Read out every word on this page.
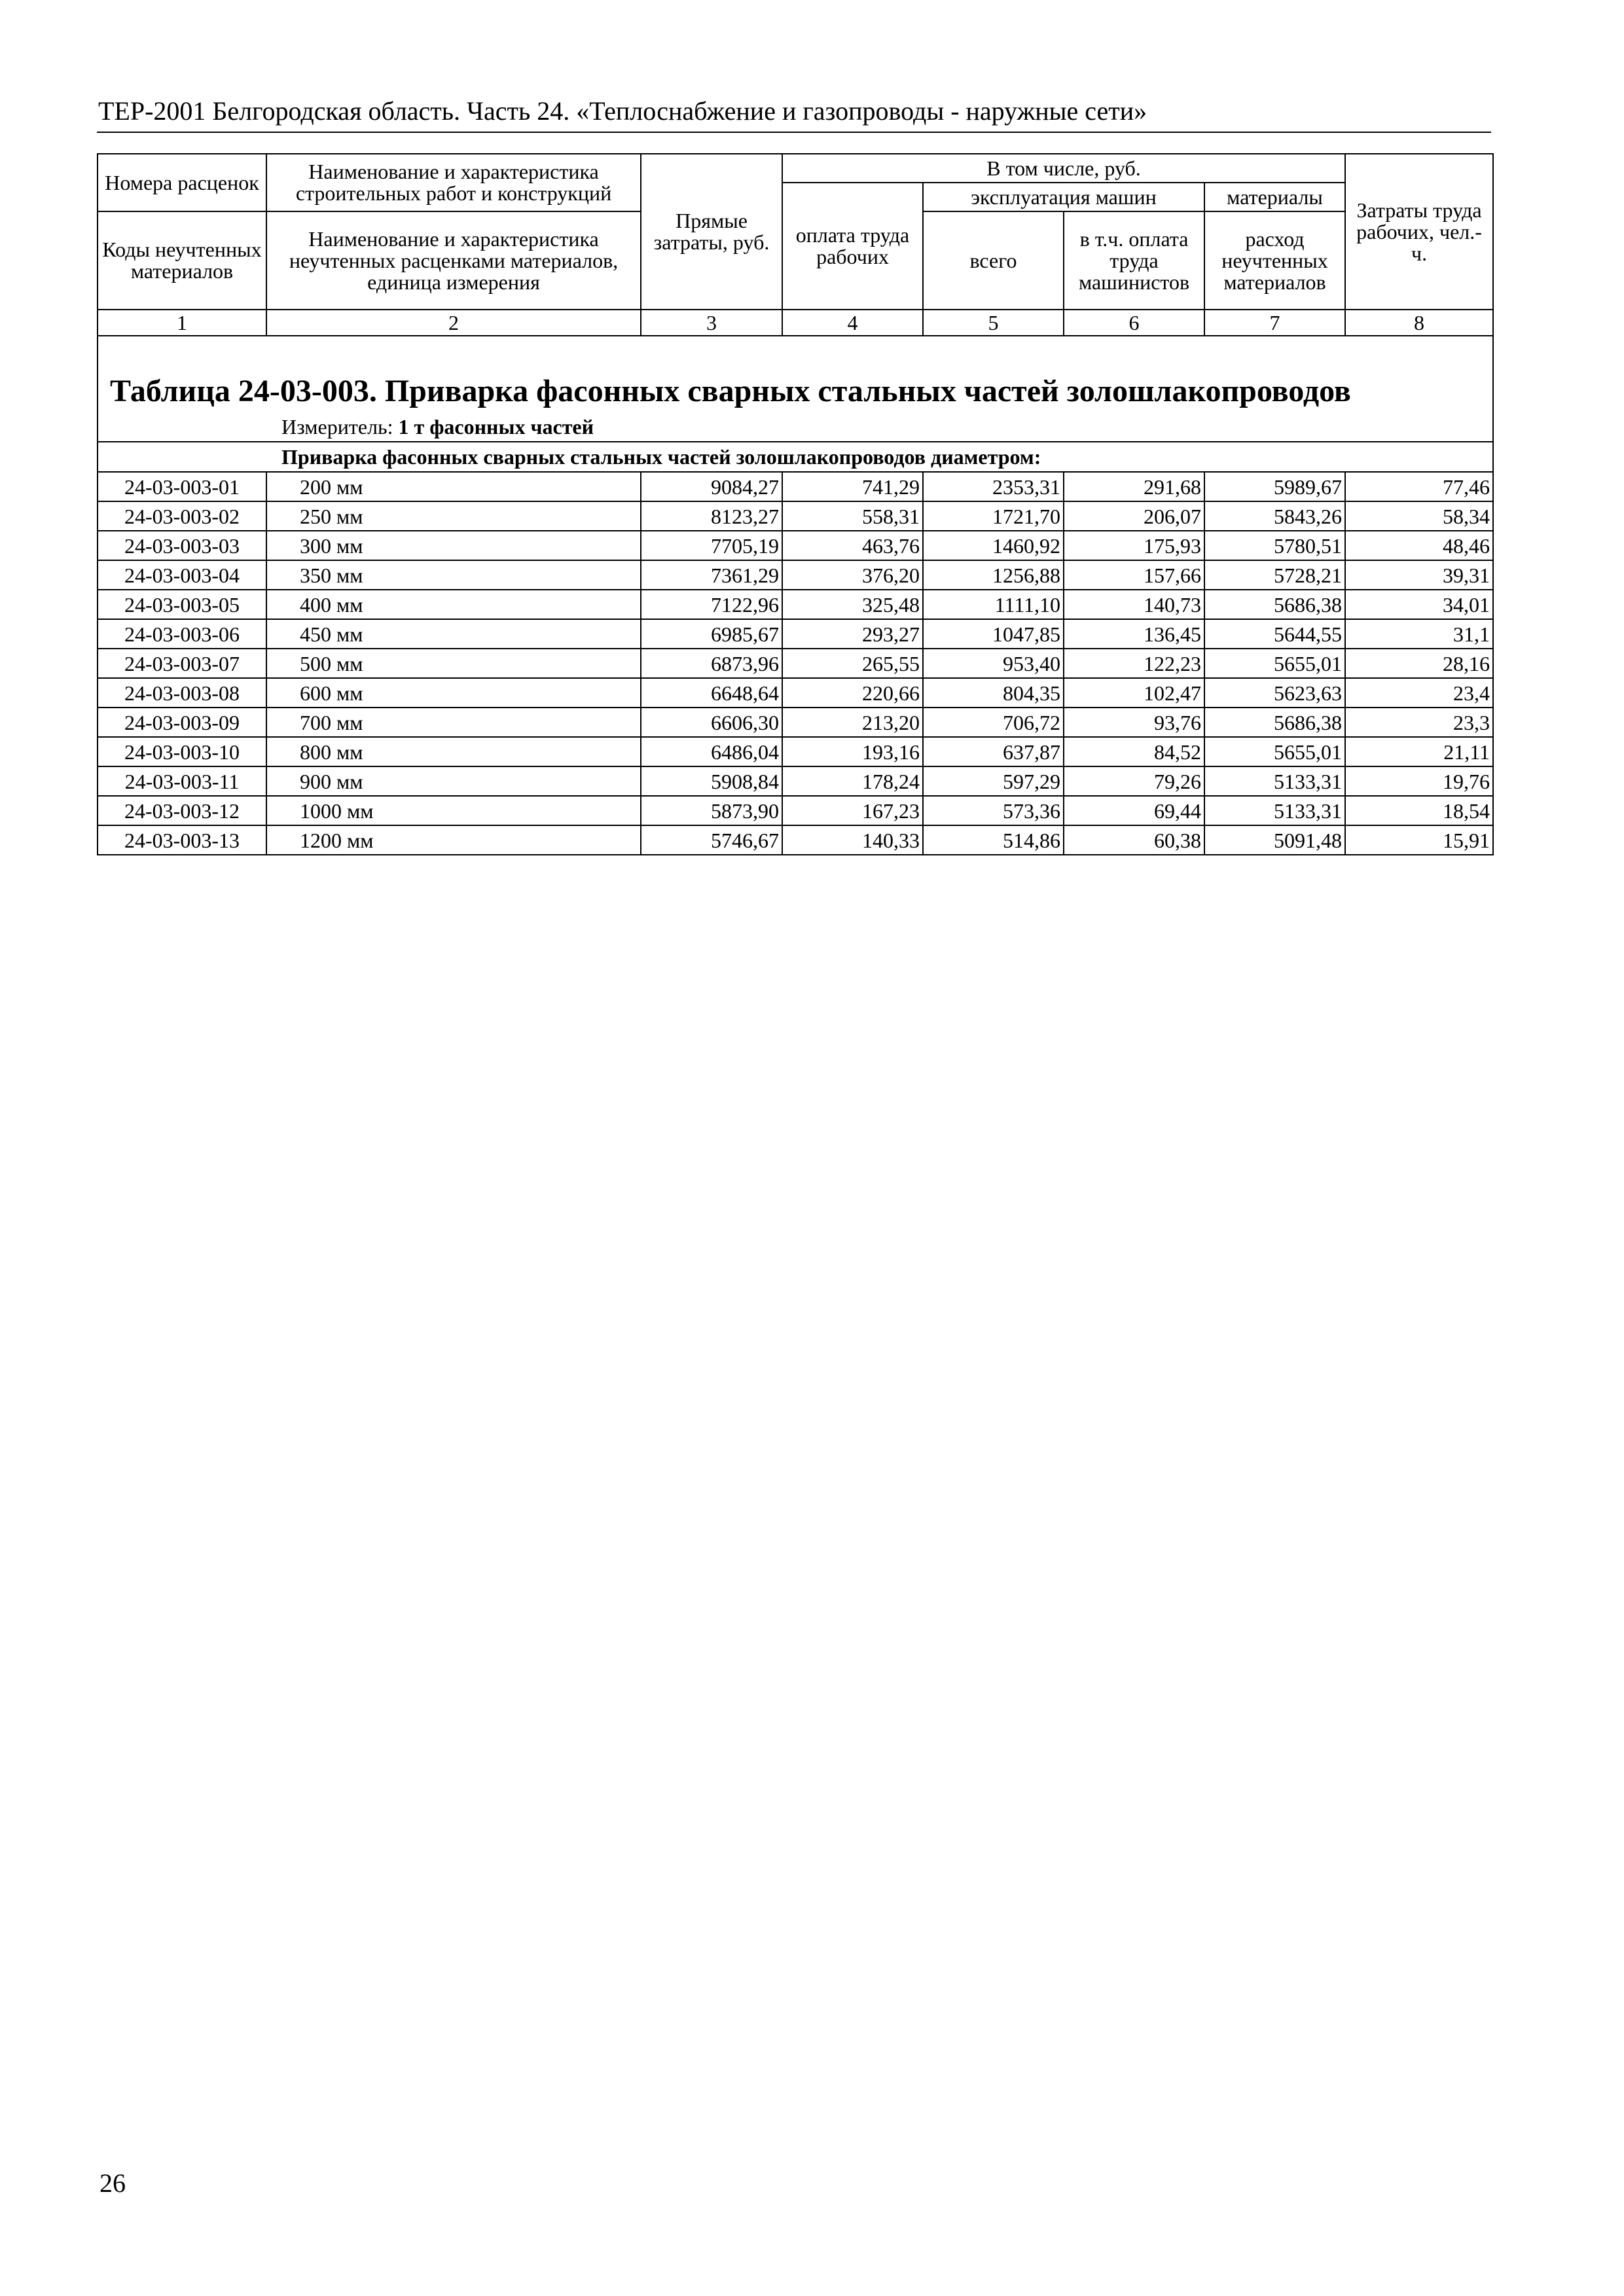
ТЕР-2001 Белгородская область. Часть 24. «Теплоснабжение и газопроводы - наружные сети»
Номера расценок	Наименование и характеристика строительных работ и конструкций	Прямые затраты, руб.	В том числе, руб.				Затраты труда рабочих, чел.-ч.
			оплата труда рабочих	эксплуатация машин		материалы	
Коды неучтенных материалов	Наименование и характеристика неучтенных расценками материалов, единица измерения			всего	в т.ч. оплата труда машинистов	расход неучтенных материалов	

1	2	3	4	5	6	7	8
Таблица 24-03-003. Приварка фасонных сварных стальных частей золошлакопроводов							
Измеритель: 1 т фасонных частей							
Приварка фасонных сварных стальных частей золошлакопроводов диаметром:							
24-03-003-01	200 мм	9084,27	741,29	2353,31	291,68	5989,67	77,46
24-03-003-02	250 мм	8123,27	558,31	1721,70	206,07	5843,26	58,34
24-03-003-03	300 мм	7705,19	463,76	1460,92	175,93	5780,51	48,46
24-03-003-04	350 мм	7361,29	376,20	1256,88	157,66	5728,21	39,31
24-03-003-05	400 мм	7122,96	325,48	1111,10	140,73	5686,38	34,01
24-03-003-06	450 мм	6985,67	293,27	1047,85	136,45	5644,55	31,1
24-03-003-07	500 мм	6873,96	265,55	953,40	122,23	5655,01	28,16
24-03-003-08	600 мм	6648,64	220,66	804,35	102,47	5623,63	23,4
24-03-003-09	700 мм	6606,30	213,20	706,72	93,76	5686,38	23,3
24-03-003-10	800 мм	6486,04	193,16	637,87	84,52	5655,01	21,11
24-03-003-11	900 мм	5908,84	178,24	597,29	79,26	5133,31	19,76
24-03-003-12	1000 мм	5873,90	167,23	573,36	69,44	5133,31	18,54
24-03-003-13	1200 мм	5746,67	140,33	514,86	60,38	5091,48	15,91
26
